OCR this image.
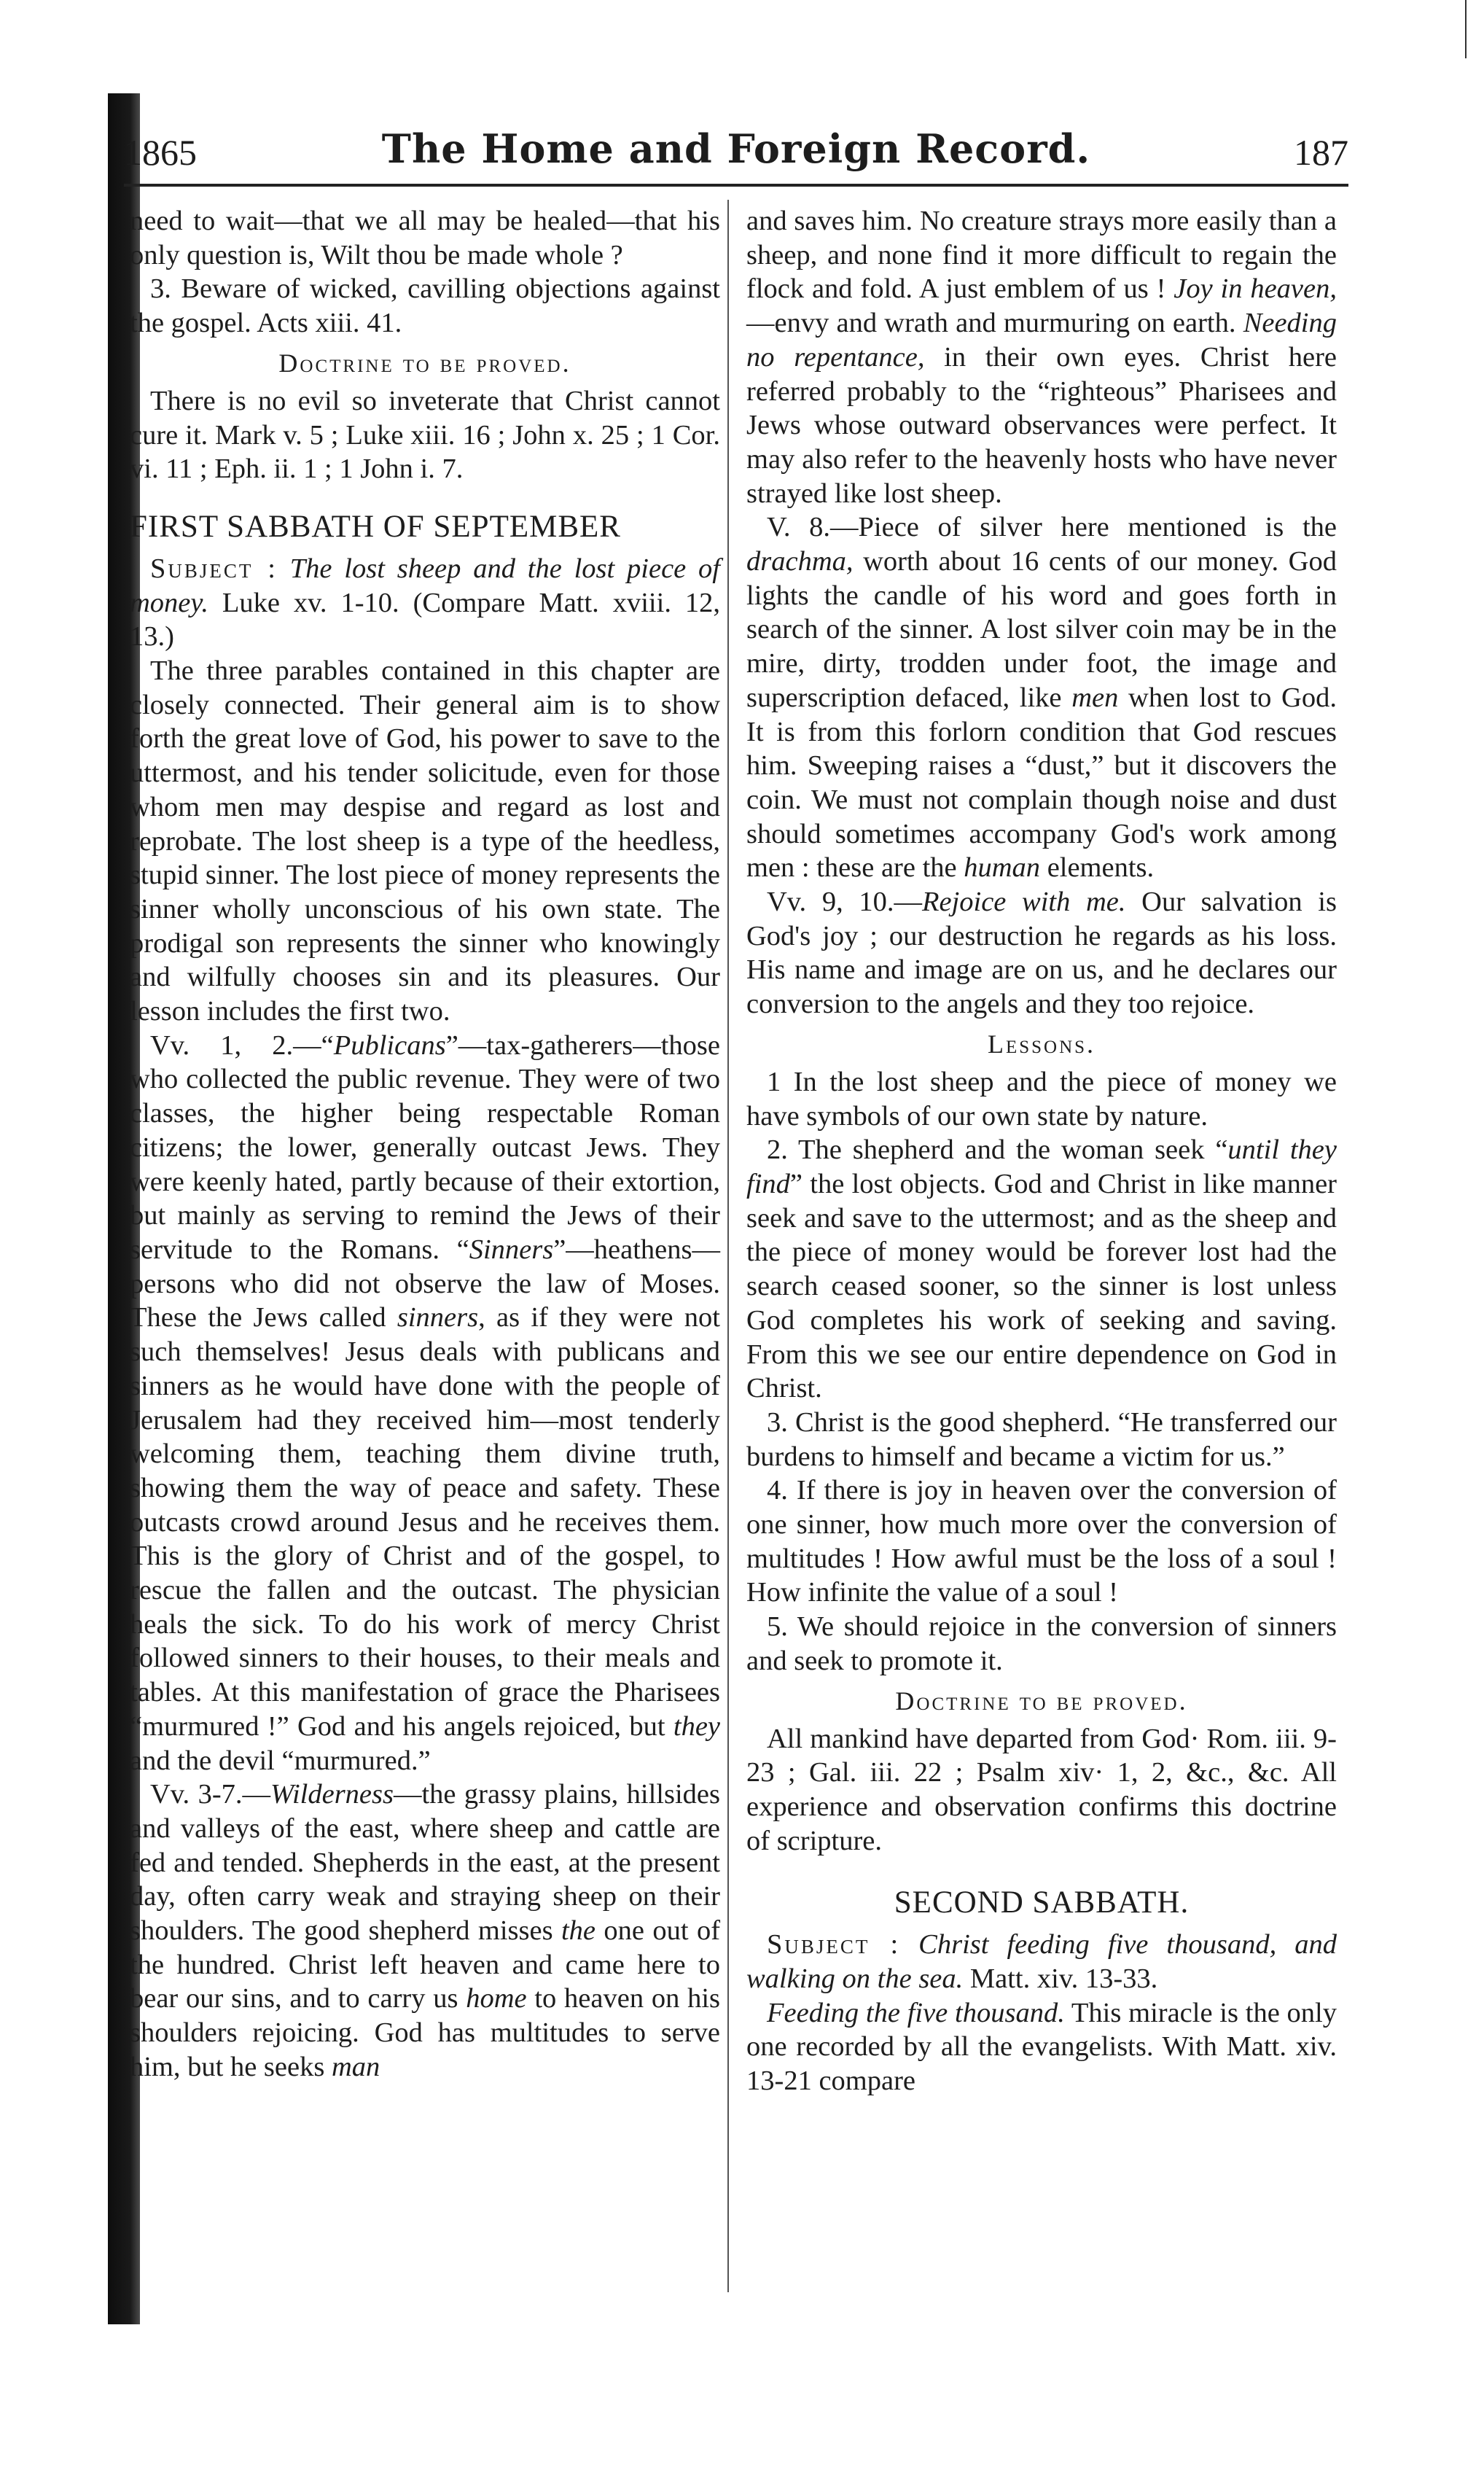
1865	The Home and Foreign Record.	187

need to wait—that we all may be healed—that his only question is, Wilt thou be made whole ?

3. Beware of wicked, cavilling objections against the gospel. Acts xiii. 41.

Doctrine to be proved.

There is no evil so inveterate that Christ cannot cure it. Mark v. 5 ; Luke xiii. 16 ; John x. 25 ; 1 Cor. vi. 11 ; Eph. ii. 1 ; 1 John i. 7.

FIRST SABBATH OF SEPTEMBER

Subject : The lost sheep and the lost piece of money. Luke xv. 1-10. (Compare Matt. xviii. 12, 13.)

The three parables contained in this chapter are closely connected. Their general aim is to show forth the great love of God, his power to save to the uttermost, and his tender solicitude, even for those whom men may despise and regard as lost and reprobate. The lost sheep is a type of the heedless, stupid sinner. The lost piece of money represents the sinner wholly unconscious of his own state. The prodigal son represents the sinner who knowingly and wilfully chooses sin and its pleasures. Our lesson includes the first two.

Vv. 1, 2.—“Publicans”—tax-gatherers—those who collected the public revenue. They were of two classes, the higher being respectable Roman citizens; the lower, generally outcast Jews. They were keenly hated, partly because of their extortion, but mainly as serving to remind the Jews of their servitude to the Romans. “Sinners”—heathens—persons who did not observe the law of Moses. These the Jews called sinners, as if they were not such themselves! Jesus deals with publicans and sinners as he would have done with the people of Jerusalem had they received him—most tenderly welcoming them, teaching them divine truth, showing them the way of peace and safety. These outcasts crowd around Jesus and he receives them. This is the glory of Christ and of the gospel, to rescue the fallen and the outcast. The physician heals the sick. To do his work of mercy Christ followed sinners to their houses, to their meals and tables. At this manifestation of grace the Pharisees “murmured !” God and his angels rejoiced, but they and the devil “murmured.”

Vv. 3-7.—Wilderness—the grassy plains, hillsides and valleys of the east, where sheep and cattle are fed and tended. Shepherds in the east, at the present day, often carry weak and straying sheep on their shoulders. The good shepherd misses the one out of the hundred. Christ left heaven and came here to bear our sins, and to carry us home to heaven on his shoulders rejoicing. God has multitudes to serve him, but he seeks man

and saves him. No creature strays more easily than a sheep, and none find it more difficult to regain the flock and fold. A just emblem of us ! Joy in heaven,—envy and wrath and murmuring on earth. Needing no repentance, in their own eyes. Christ here referred probably to the “righteous” Pharisees and Jews whose outward observances were perfect. It may also refer to the heavenly hosts who have never strayed like lost sheep.

V. 8.—Piece of silver here mentioned is the drachma, worth about 16 cents of our money. God lights the candle of his word and goes forth in search of the sinner. A lost silver coin may be in the mire, dirty, trodden under foot, the image and superscription defaced, like men when lost to God. It is from this forlorn condition that God rescues him. Sweeping raises a “dust,” but it discovers the coin. We must not complain though noise and dust should sometimes accompany God's work among men : these are the human elements.

Vv. 9, 10.—Rejoice with me. Our salvation is God's joy ; our destruction he regards as his loss. His name and image are on us, and he declares our conversion to the angels and they too rejoice.

Lessons.

1 In the lost sheep and the piece of money we have symbols of our own state by nature.

2. The shepherd and the woman seek “until they find” the lost objects. God and Christ in like manner seek and save to the uttermost; and as the sheep and the piece of money would be forever lost had the search ceased sooner, so the sinner is lost unless God completes his work of seeking and saving. From this we see our entire dependence on God in Christ.

3. Christ is the good shepherd. “He transferred our burdens to himself and became a victim for us.”

4. If there is joy in heaven over the conversion of one sinner, how much more over the conversion of multitudes ! How awful must be the loss of a soul ! How infinite the value of a soul !

5. We should rejoice in the conversion of sinners and seek to promote it.

Doctrine to be proved.

All mankind have departed from God· Rom. iii. 9-23 ; Gal. iii. 22 ; Psalm xiv· 1, 2, &c., &c. All experience and observation confirms this doctrine of scripture.

SECOND SABBATH.

Subject : Christ feeding five thousand, and walking on the sea. Matt. xiv. 13-33.

Feeding the five thousand. This miracle is the only one recorded by all the evangelists. With Matt. xiv. 13-21 compare
